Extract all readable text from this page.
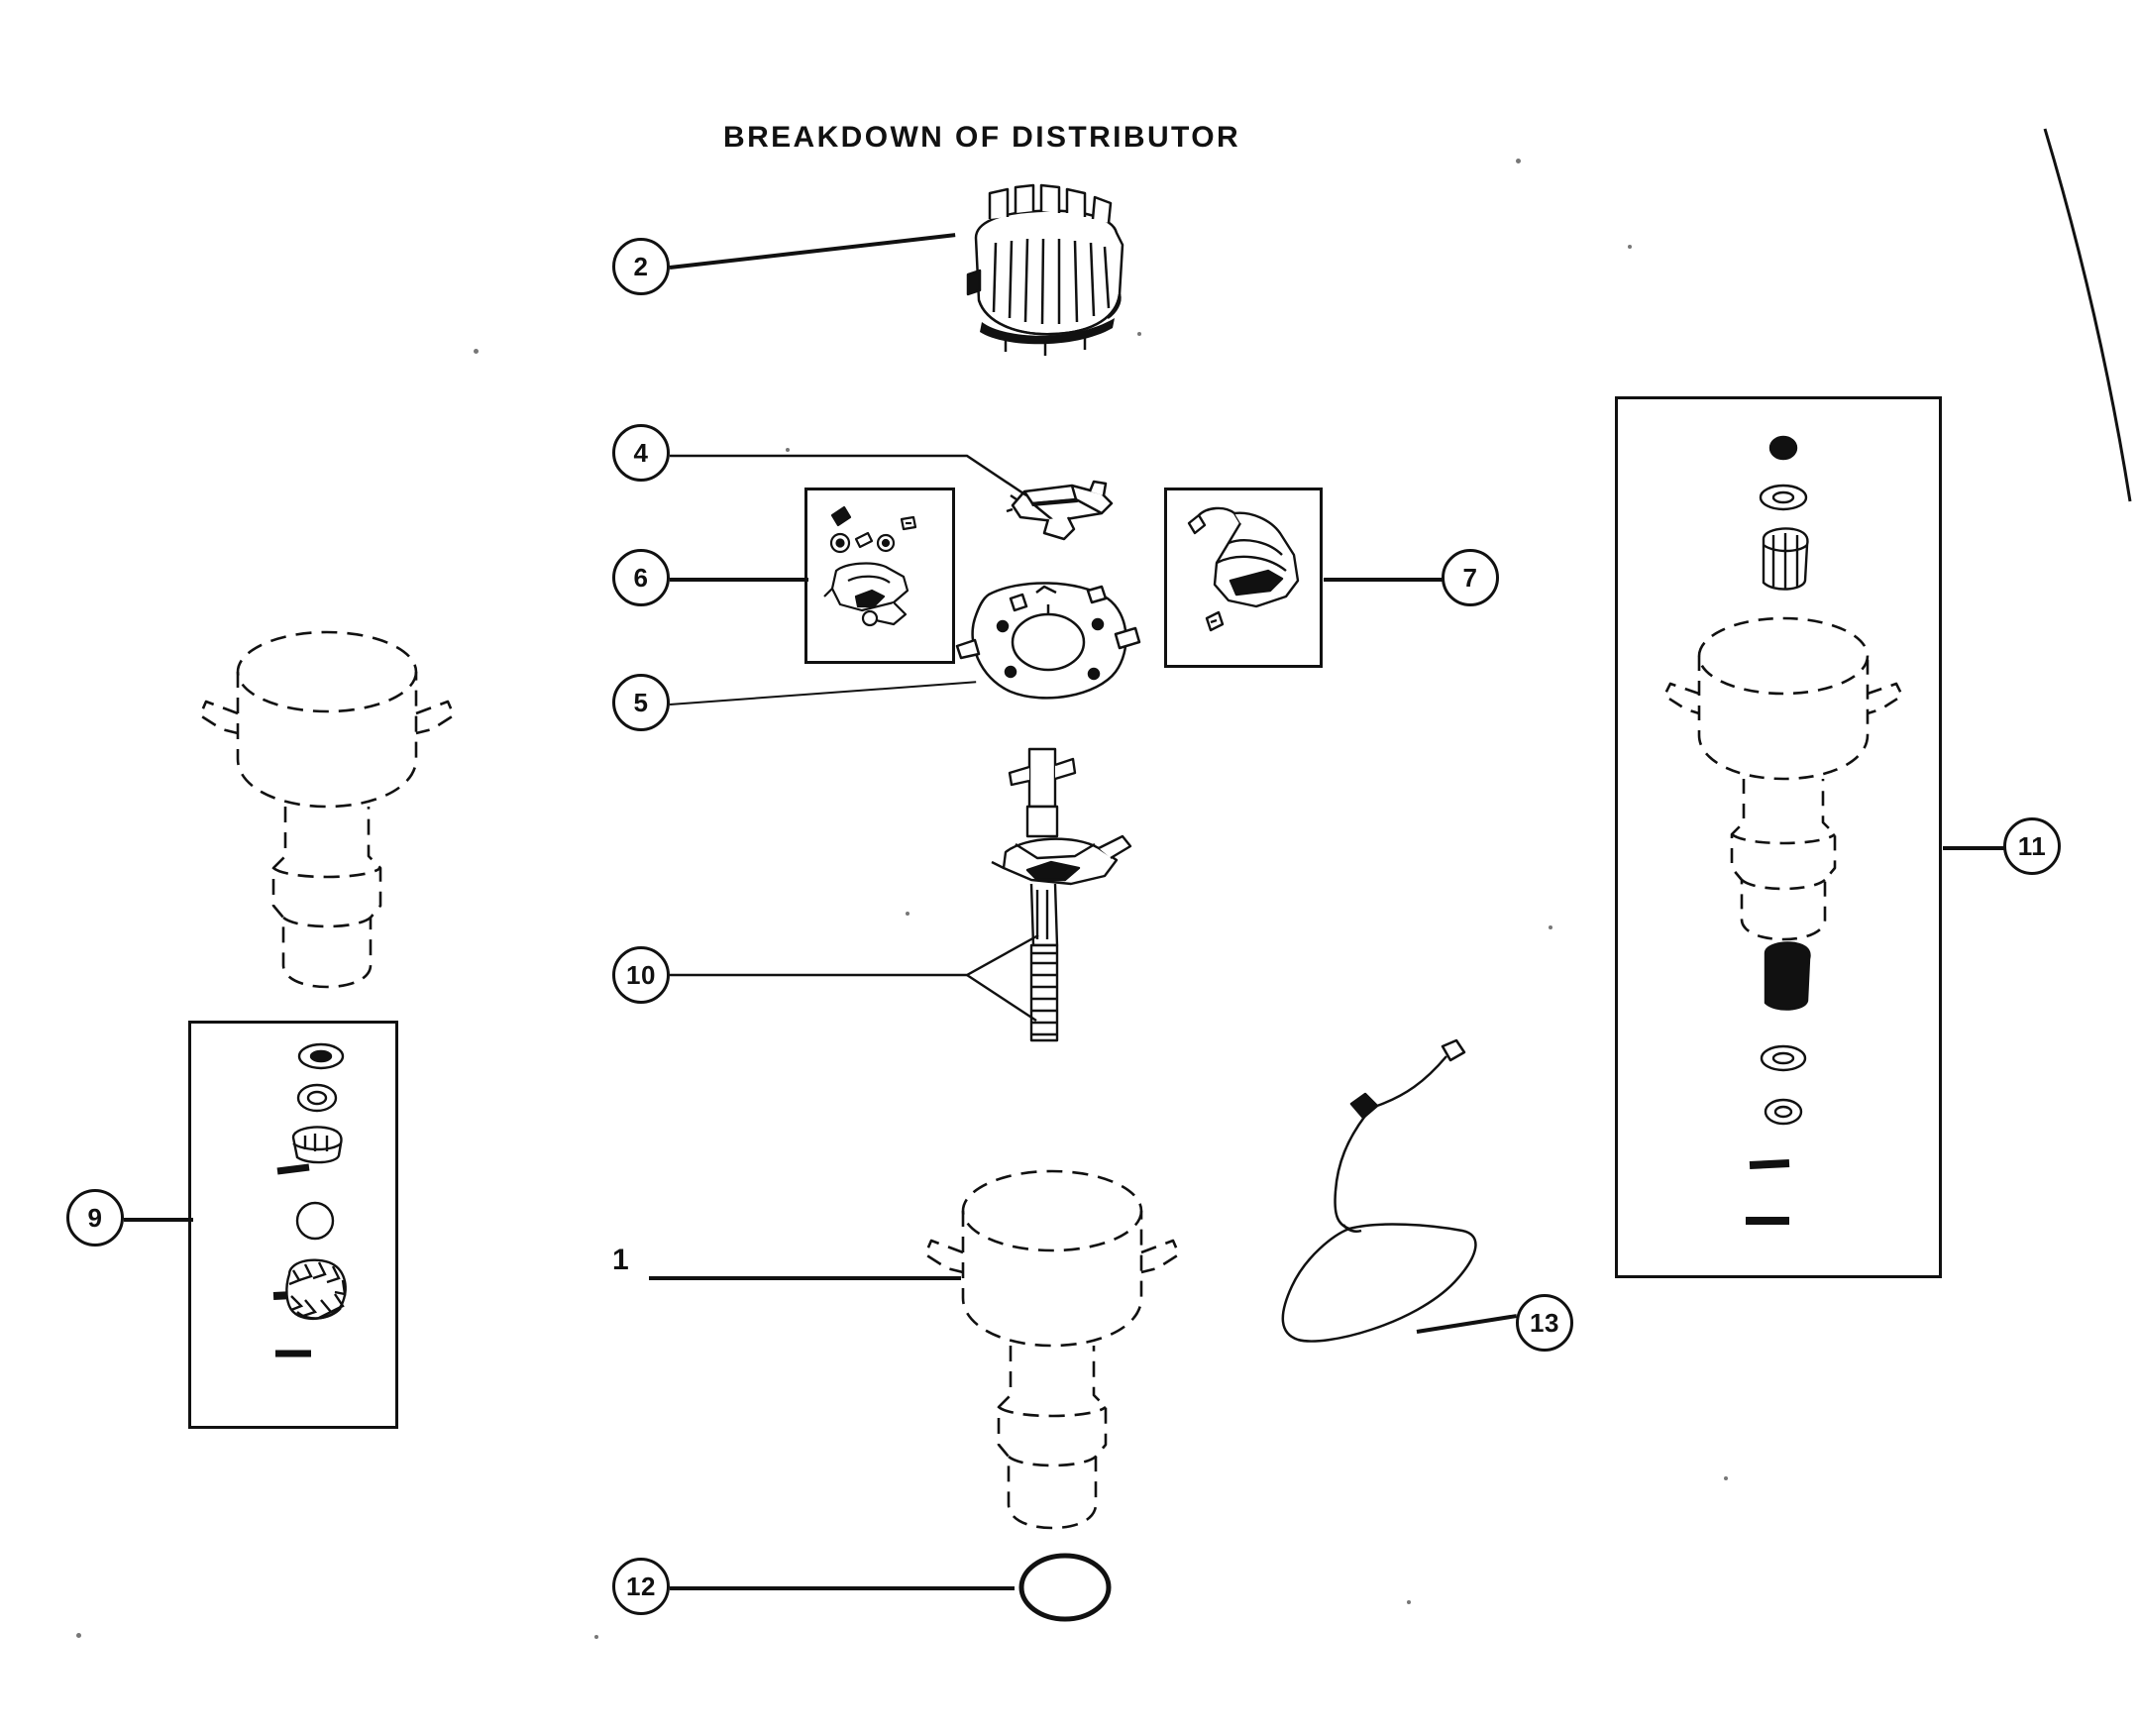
BREAKDOWN OF DISTRIBUTOR
2
4
6
5
7
10
9
11
1
13
12
